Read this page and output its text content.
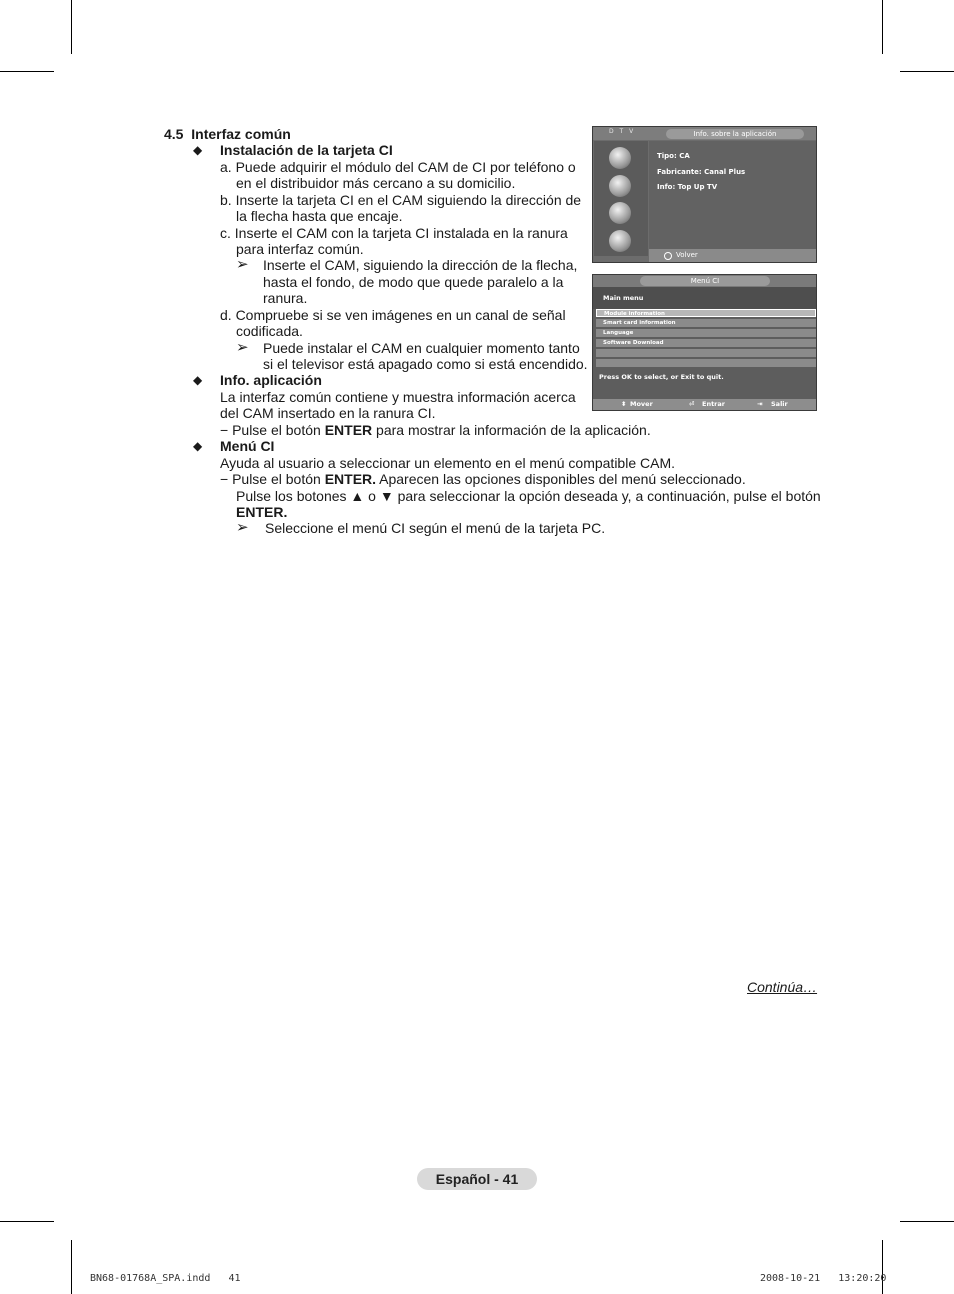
4.5 Interfaz común
◆ Instalación de la tarjeta CI
a. Puede adquirir el módulo del CAM de CI por teléfono o
en el distribuidor más cercano a su domicilio.
b. Inserte la tarjeta CI en el CAM siguiendo la dirección de
la flecha hasta que encaje.
c. Inserte el CAM con la tarjeta CI instalada en la ranura
para interfaz común.
➢ Inserte el CAM, siguiendo la dirección de la flecha,
hasta el fondo, de modo que quede paralelo a la
ranura.
d. Compruebe si se ven imágenes en un canal de señal
codificada.
➢ Puede instalar el CAM en cualquier momento tanto
si el televisor está apagado como si está encendido.
◆ Info. aplicación
La interfaz común contiene y muestra información acerca
del CAM insertado en la ranura CI.
− Pulse el botón ENTER para mostrar la información de la aplicación.
◆ Menú CI
Ayuda al usuario a seleccionar un elemento en el menú compatible CAM.
− Pulse el botón ENTER. Aparecen las opciones disponibles del menú seleccionado.
Pulse los botones ▲ o ▼ para seleccionar la opción deseada y, a continuación, pulse el botón
ENTER.
➢ Seleccione el menú CI según el menú de la tarjeta PC.
D T V	Info. sobre la aplicación
Tipo: CA
Fabricante: Canal Plus
Info: Top Up TV
Volver
Menú CI
Main menu
Module information
Smart card information
Language
Software Download
Press OK to select, or Exit to quit.
⬍ Mover	⏎ Entrar	⇥ Salir
Continúa…
Español - 41
BN68-01768A_SPA.indd   41	2008-10-21   13:20:20
